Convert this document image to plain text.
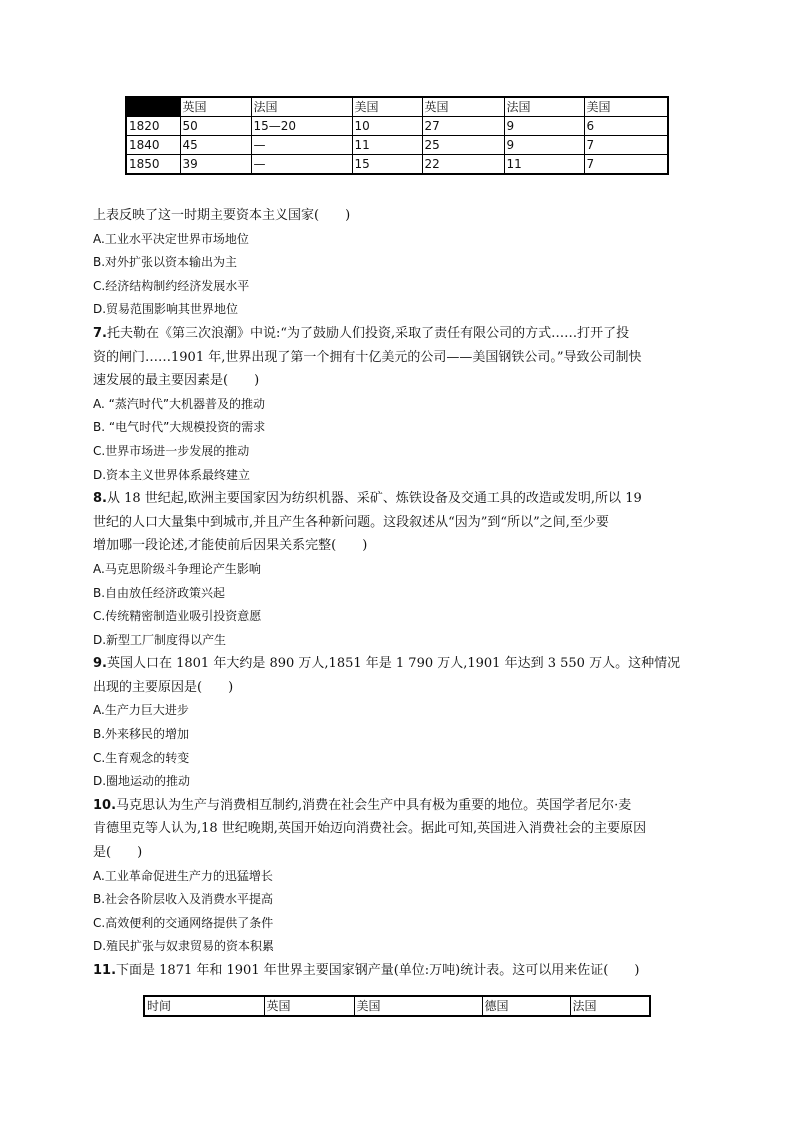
	英国	法国	美国	英国	法国	美国
1820	50	15—20	10	27	9	6
1840	45	—	11	25	9	7
1850	39	—	15	22	11	7
上表反映了这一时期主要资本主义国家(　　)
A.工业水平决定世界市场地位
B.对外扩张以资本输出为主
C.经济结构制约经济发展水平
D.贸易范围影响其世界地位
7.托夫勒在《第三次浪潮》中说:“为了鼓励人们投资,采取了责任有限公司的方式……打开了投
资的闸门……1901 年,世界出现了第一个拥有十亿美元的公司——美国钢铁公司。”导致公司制快
速发展的最主要因素是(　　)
A. “蒸汽时代”大机器普及的推动
B. “电气时代”大规模投资的需求
C.世界市场进一步发展的推动
D.资本主义世界体系最终建立
8.从 18 世纪起,欧洲主要国家因为纺织机器、采矿、炼铁设备及交通工具的改造或发明,所以 19
世纪的人口大量集中到城市,并且产生各种新问题。这段叙述从“因为”到“所以”之间,至少要
增加哪一段论述,才能使前后因果关系完整(　　)
A.马克思阶级斗争理论产生影响
B.自由放任经济政策兴起
C.传统精密制造业吸引投资意愿
D.新型工厂制度得以产生
9.英国人口在 1801 年大约是 890 万人,1851 年是 1 790 万人,1901 年达到 3 550 万人。这种情况
出现的主要原因是(　　)
A.生产力巨大进步
B.外来移民的增加
C.生育观念的转变
D.圈地运动的推动
10.马克思认为生产与消费相互制约,消费在社会生产中具有极为重要的地位。英国学者尼尔·麦
肯德里克等人认为,18 世纪晚期,英国开始迈向消费社会。据此可知,英国进入消费社会的主要原因
是(　　)
A.工业革命促进生产力的迅猛增长
B.社会各阶层收入及消费水平提高
C.高效便利的交通网络提供了条件
D.殖民扩张与奴隶贸易的资本积累
11.下面是 1871 年和 1901 年世界主要国家钢产量(单位:万吨)统计表。这可以用来佐证(　　)
时间	英国	美国	德国	法国
